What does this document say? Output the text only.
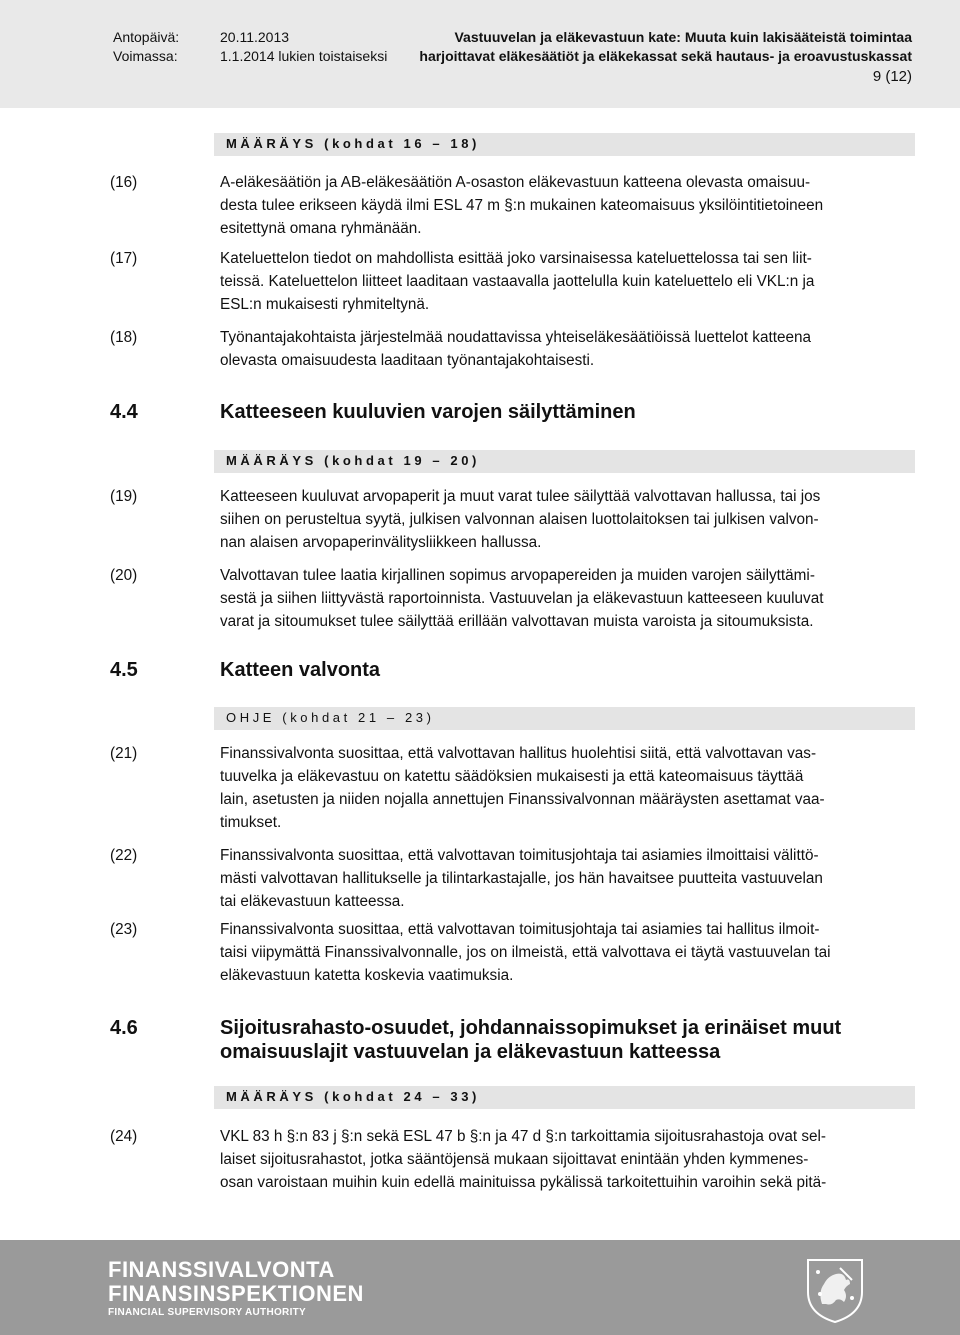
Antopäivä:	20.11.2013
Voimassa:	1.1.2014 lukien toistaiseksi
Vastuuvelan ja eläkevastuun kate: Muuta kuin lakisääteistä toimintaa
harjoittavat eläkesäätiöt ja eläkekassat sekä hautaus- ja eroavustuskassat
9 (12)
MÄÄRÄYS (kohdat 16 – 18)
(16)	A-eläkesäätiön ja AB-eläkesäätiön A-osaston eläkevastuun katteena olevasta omaisuu-
desta tulee erikseen käydä ilmi ESL 47 m §:n mukainen kateomaisuus yksilöintitietoineen
esitettynä omana ryhmänään.
(17)	Kateluettelon tiedot on mahdollista esittää joko varsinaisessa kateluettelossa tai sen liit-
teissä. Kateluettelon liitteet laaditaan vastaavalla jaottelulla kuin kateluettelo eli VKL:n ja
ESL:n mukaisesti ryhmiteltynä.
(18)	Työnantajakohtaista järjestelmää noudattavissa yhteiseläkesäätiöissä luettelot katteena
olevasta omaisuudesta laaditaan työnantajakohtaisesti.
4.4	Katteeseen kuuluvien varojen säilyttäminen
MÄÄRÄYS (kohdat 19 – 20)
(19)	Katteeseen kuuluvat arvopaperit ja muut varat tulee säilyttää valvottavan hallussa, tai jos
siihen on perusteltua syytä, julkisen valvonnan alaisen luottolaitoksen tai julkisen valvon-
nan alaisen arvopaperinvälitysliikkeen hallussa.
(20)	Valvottavan tulee laatia kirjallinen sopimus arvopapereiden ja muiden varojen säilyttämi-
sestä ja siihen liittyvästä raportoinnista. Vastuuvelan ja eläkevastuun katteeseen kuuluvat
varat ja sitoumukset tulee säilyttää erillään valvottavan muista varoista ja sitoumuksista.
4.5	Katteen valvonta
OHJE (kohdat 21 – 23)
(21)	Finanssivalvonta suosittaa, että valvottavan hallitus huolehtisi siitä, että valvottavan vas-
tuuvelka ja eläkevastuu on katettu säädöksien mukaisesti ja että kateomaisuus täyttää
lain, asetusten ja niiden nojalla annettujen Finanssivalvonnan määräysten asettamat vaa-
timukset.
(22)	Finanssivalvonta suosittaa, että valvottavan toimitusjohtaja tai asiamies ilmoittaisi välittö-
mästi valvottavan hallitukselle ja tilintarkastajalle, jos hän havaitsee puutteita vastuuvelan
tai eläkevastuun katteessa.
(23)	Finanssivalvonta suosittaa, että valvottavan toimitusjohtaja tai asiamies tai hallitus ilmoit-
taisi viipymättä Finanssivalvonnalle, jos on ilmeistä, että valvottava ei täytä vastuuvelan tai
eläkevastuun katetta koskevia vaatimuksia.
4.6	Sijoitusrahasto-osuudet, johdannaissopimukset ja erinäiset muut
omaisuuslajit vastuuvelan ja eläkevastuun katteessa
MÄÄRÄYS (kohdat 24 – 33)
(24)	VKL 83 h §:n 83 j §:n sekä ESL 47 b §:n ja 47 d §:n tarkoittamia sijoitusrahastoja ovat sel-
laiset sijoitusrahastot, jotka sääntöjensä mukaan sijoittavat enintään yhden kymmenes-
osan varoistaan muihin kuin edellä mainituissa pykälissä tarkoitettuihin varoihin sekä pitä-
FINANSSIVALVONTA
FINANSINSPEKTIONEN
FINANCIAL SUPERVISORY AUTHORITY
